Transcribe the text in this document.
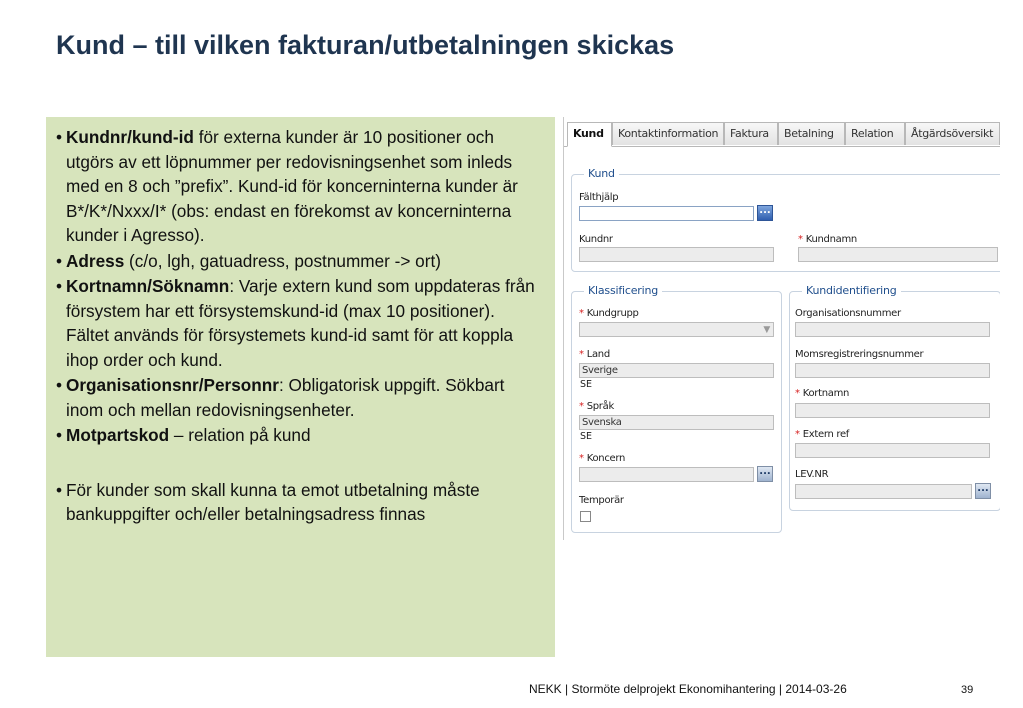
Kund – till vilken fakturan/utbetalningen skickas
• Kundnr/kund-id för externa kunder är 10 positioner och utgörs av ett löpnummer per redovisningsenhet som inleds med en 8 och ”prefix”. Kund-id för koncerninterna kunder är B*/K*/Nxxx/I* (obs: endast en förekomst av koncerninterna kunder i Agresso).
• Adress (c/o, lgh, gatuadress, postnummer -> ort)
• Kortnamn/Söknamn: Varje extern kund som uppdateras från försystem har ett försystemskund-id (max 10 positioner). Fältet används för försystemets kund-id samt för att koppla ihop order och kund.
• Organisationsnr/Personnr: Obligatorisk uppgift. Sökbart inom och mellan redovisningsenheter.
• Motpartskod – relation på kund
• För kunder som skall kunna ta emot utbetalning måste bankuppgifter och/eller betalningsadress finnas
Kund	Kontaktinformation	Faktura	Betalning	Relation	Åtgärdsöversikt
Kund
Fälthjälp
...
Kundnr	* Kundnamn
Klassificering
* Kundgrupp
▼
* Land
Sverige
SE
* Språk
Svenska
SE
* Koncern
...
Temporär
Kundidentifiering
Organisationsnummer
Momsregistreringsnummer
* Kortnamn
* Extern ref
LEV.NR
...
NEKK | Stormöte delprojekt Ekonomihantering | 2014-03-26	39
